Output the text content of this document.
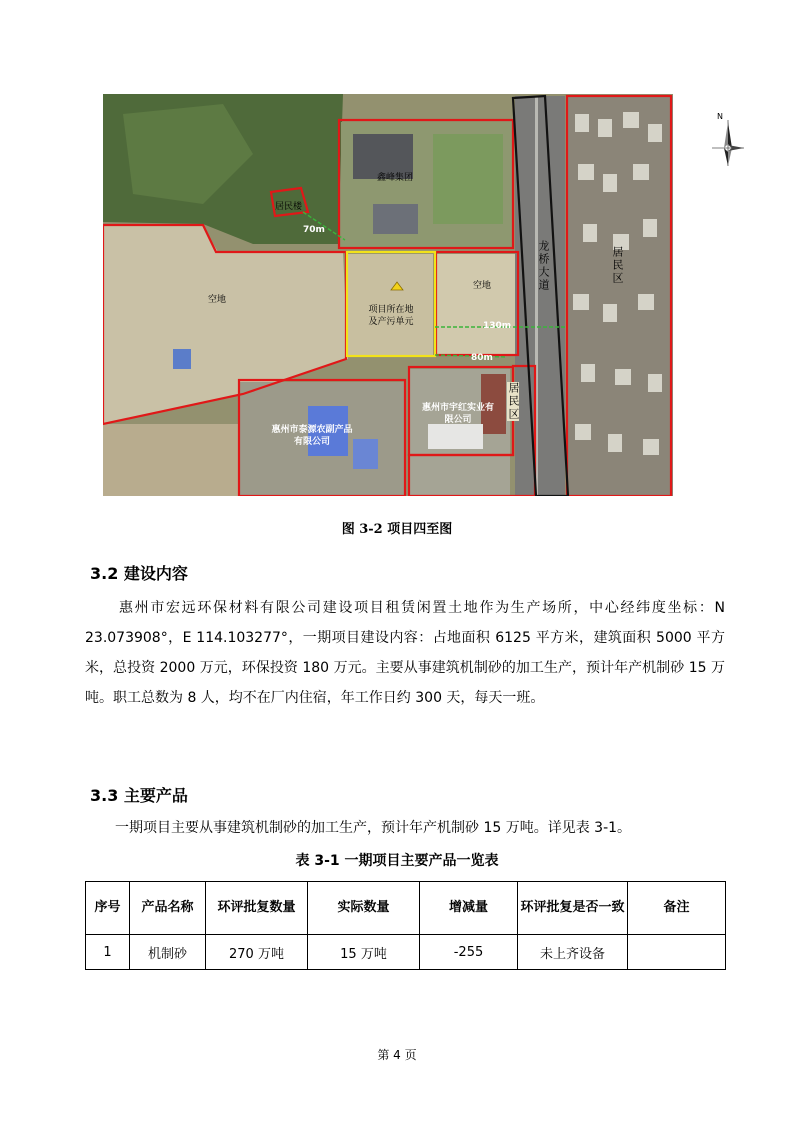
鑫峰集团
居民楼
70m
空地
项目所在地
及产污单元
空地
130m
80m
龙桥大道	居民区
居民区
惠州市泰源农副产品
有限公司
惠州市宇红实业有
限公司
N
图 3-2 项目四至图
3.2 建设内容

惠州市宏远环保材料有限公司建设项目租赁闲置土地作为生产场所，中心经纬度坐标：N 23.073908°，E 114.103277°，一期项目建设内容：占地面积 6125 平方米，建筑面积 5000 平方米，总投资 2000 万元，环保投资 180 万元。主要从事建筑机制砂的加工生产，预计年产机制砂 15 万吨。职工总数为 8 人，均不在厂内住宿，年工作日约 300 天，每天一班。

3.3 主要产品

一期项目主要从事建筑机制砂的加工生产，预计年产机制砂 15 万吨。详见表 3-1。

表 3-1 一期项目主要产品一览表
序号	产品名称	环评批复数量	实际数量	增减量	环评批复是否一致	备注
1	机制砂	270 万吨	15 万吨	-255	未上齐设备	
第 4 页
